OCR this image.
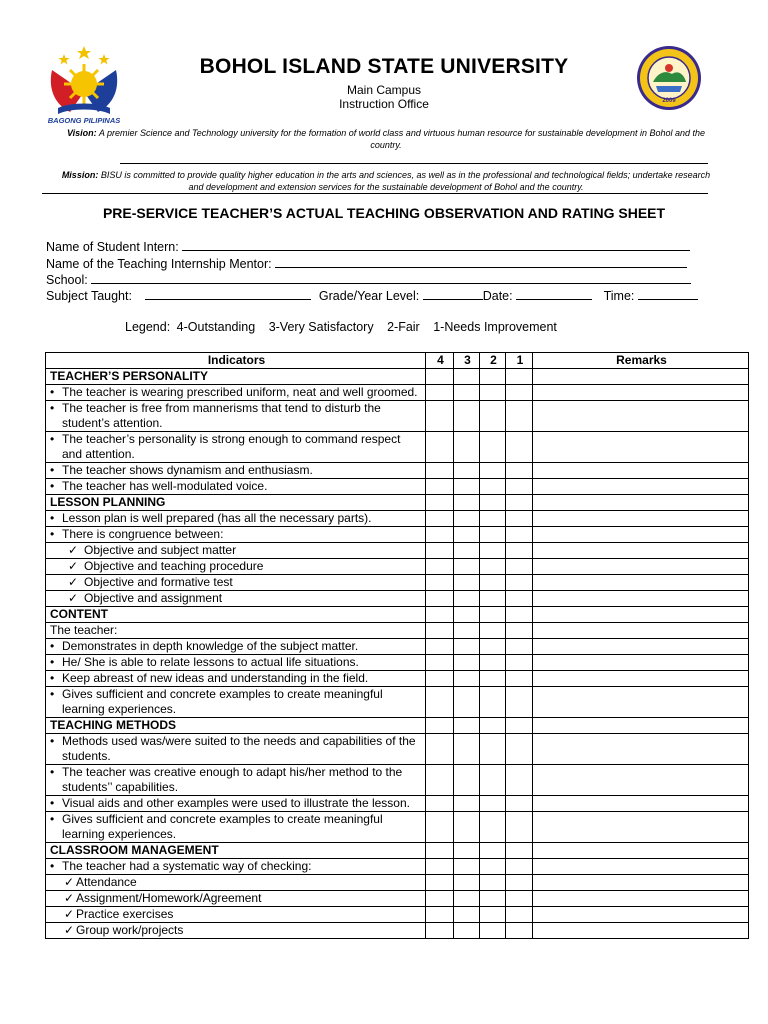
BAGONG PILIPINAS
2009
BOHOL ISLAND STATE UNIVERSITY
Main Campus
Instruction Office
Vision: A premier Science and Technology university for the formation of world class and virtuous human resource for sustainable development in Bohol and the country.
Mission: BISU is committed to provide quality higher education in the arts and sciences, as well as in the professional and technological fields; undertake research and development and extension services for the sustainable development of Bohol and the country.
PRE-SERVICE TEACHER’S ACTUAL TEACHING OBSERVATION AND RATING SHEET
Name of Student Intern:
Name of the Teaching Internship Mentor:
School:
Subject Taught:	Grade/Year Level:	Date:	Time:
Legend: 4-Outstanding 3-Very Satisfactory 2-Fair 1-Needs Improvement
Indicators	4	3	2	1	Remarks
TEACHER’S PERSONALITY					

• The teacher is wearing prescribed uniform, neat and well groomed.					

• The teacher is free from mannerisms that tend to disturb the student’s attention.					

• The teacher’s personality is strong enough to command respect and attention.					

• The teacher shows dynamism and enthusiasm.					

• The teacher has well-modulated voice.					

LESSON PLANNING					

• Lesson plan is well prepared (has all the necessary parts).					

• There is congruence between:					

✓ Objective and subject matter					

✓ Objective and teaching procedure					

✓ Objective and formative test					

✓ Objective and assignment					

CONTENT					
The teacher:					

• Demonstrates in depth knowledge of the subject matter.					

• He/ She is able to relate lessons to actual life situations.					

• Keep abreast of new ideas and understanding in the field.					

• Gives sufficient and concrete examples to create meaningful learning experiences.					

TEACHING METHODS					

• Methods used was/were suited to the needs and capabilities of the students.					

• The teacher was creative enough to adapt his/her method to the students’’ capabilities.					

• Visual aids and other examples were used to illustrate the lesson.					

• Gives sufficient and concrete examples to create meaningful learning experiences.					

CLASSROOM MANAGEMENT					

• The teacher had a systematic way of checking:					

✓ Attendance					

✓ Assignment/Homework/Agreement					

✓ Practice exercises					

✓ Group work/projects					
